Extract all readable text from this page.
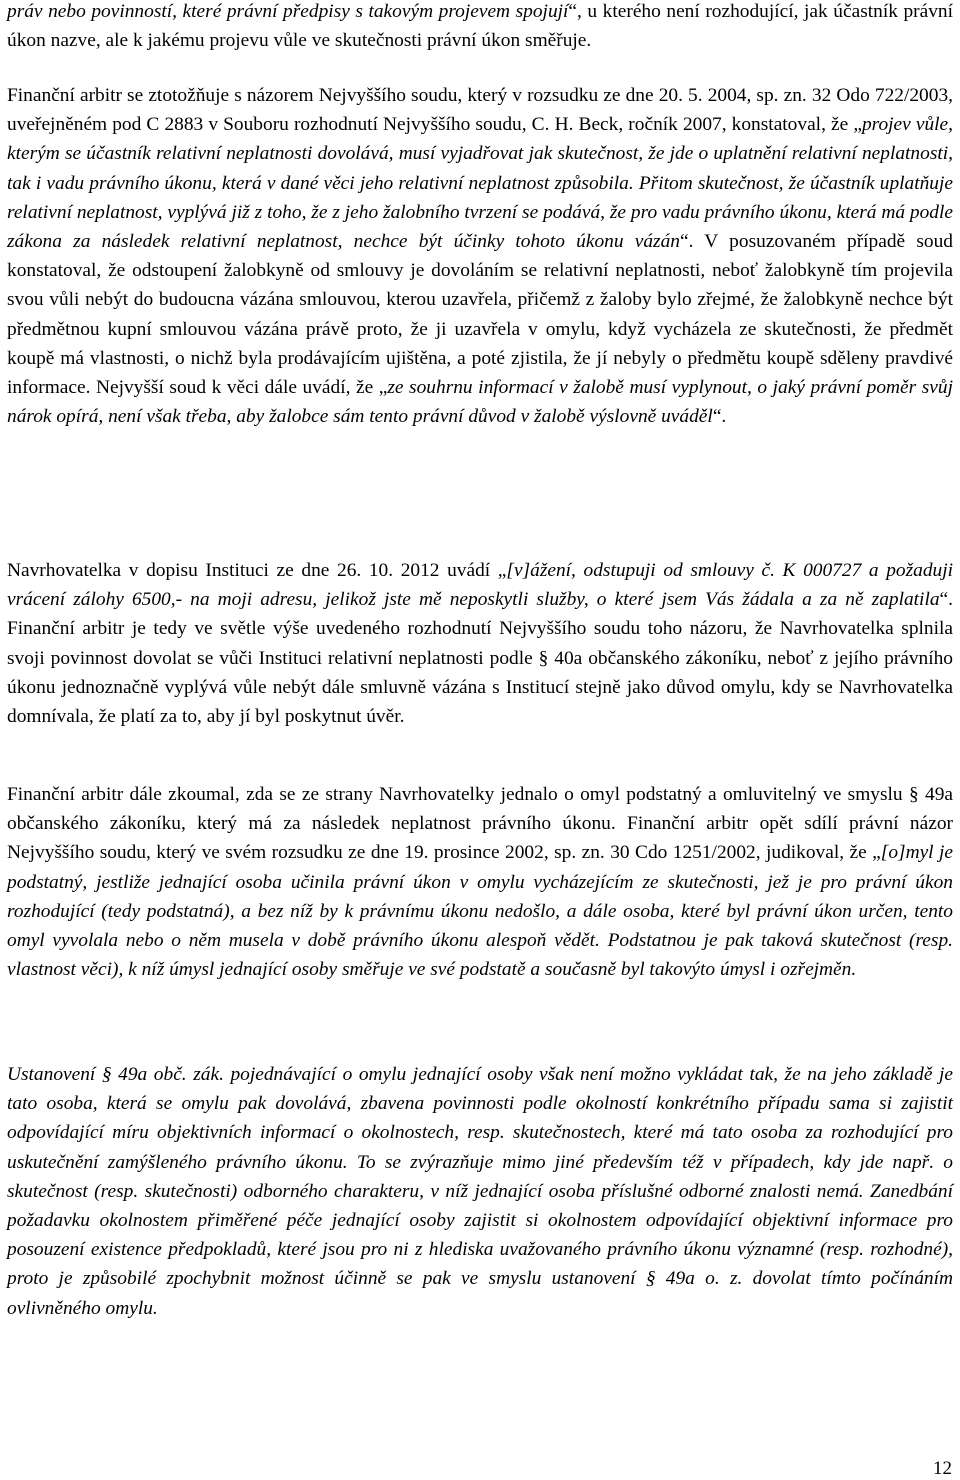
práv nebo povinností, které právní předpisy s takovým projevem spojují“, u kterého není rozhodující, jak účastník právní úkon nazve, ale k jakému projevu vůle ve skutečnosti právní úkon směřuje.

Finanční arbitr se ztotožňuje s názorem Nejvyššího soudu, který v rozsudku ze dne 20. 5. 2004, sp. zn. 32 Odo 722/2003, uveřejněném pod C 2883 v Souboru rozhodnutí Nejvyššího soudu, C. H. Beck, ročník 2007, konstatoval, že „projev vůle, kterým se účastník relativní neplatnosti dovolává, musí vyjadřovat jak skutečnost, že jde o uplatnění relativní neplatnosti, tak i vadu právního úkonu, která v dané věci jeho relativní neplatnost způsobila. Přitom skutečnost, že účastník uplatňuje relativní neplatnost, vyplývá již z toho, že z jeho žalobního tvrzení se podává, že pro vadu právního úkonu, která má podle zákona za následek relativní neplatnost, nechce být účinky tohoto úkonu vázán“. V posuzovaném případě soud konstatoval, že odstoupení žalobkyně od smlouvy je dovoláním se relativní neplatnosti, neboť žalobkyně tím projevila svou vůli nebýt do budoucna vázána smlouvou, kterou uzavřela, přičemž z žaloby bylo zřejmé, že žalobkyně nechce být předmětnou kupní smlouvou vázána právě proto, že ji uzavřela v omylu, když vycházela ze skutečnosti, že předmět koupě má vlastnosti, o nichž byla prodávajícím ujištěna, a poté zjistila, že jí nebyly o předmětu koupě sděleny pravdivé informace. Nejvyšší soud k věci dále uvádí, že „ze souhrnu informací v žalobě musí vyplynout, o jaký právní poměr svůj nárok opírá, není však třeba, aby žalobce sám tento právní důvod v žalobě výslovně uváděl“.

Navrhovatelka v dopisu Instituci ze dne 26. 10. 2012 uvádí „[v]ážení, odstupuji od smlouvy č. K 000727 a požaduji vrácení zálohy 6500,- na moji adresu, jelikož jste mě neposkytli služby, o které jsem Vás žádala a za ně zaplatila“. Finanční arbitr je tedy ve světle výše uvedeného rozhodnutí Nejvyššího soudu toho názoru, že Navrhovatelka splnila svoji povinnost dovolat se vůči Instituci relativní neplatnosti podle § 40a občanského zákoníku, neboť z jejího právního úkonu jednoznačně vyplývá vůle nebýt dále smluvně vázána s Institucí stejně jako důvod omylu, kdy se Navrhovatelka domnívala, že platí za to, aby jí byl poskytnut úvěr.

Finanční arbitr dále zkoumal, zda se ze strany Navrhovatelky jednalo o omyl podstatný a omluvitelný ve smyslu § 49a občanského zákoníku, který má za následek neplatnost právního úkonu. Finanční arbitr opět sdílí právní názor Nejvyššího soudu, který ve svém rozsudku ze dne 19. prosince 2002, sp. zn. 30 Cdo 1251/2002, judikoval, že „[o]myl je podstatný, jestliže jednající osoba učinila právní úkon v omylu vycházejícím ze skutečnosti, jež je pro právní úkon rozhodující (tedy podstatná), a bez níž by k právnímu úkonu nedošlo, a dále osoba, které byl právní úkon určen, tento omyl vyvolala nebo o něm musela v době právního úkonu alespoň vědět. Podstatnou je pak taková skutečnost (resp. vlastnost věci), k níž úmysl jednající osoby směřuje ve své podstatě a současně byl takovýto úmysl i ozřejměn.

Ustanovení § 49a obč. zák. pojednávající o omylu jednající osoby však není možno vykládat tak, že na jeho základě je tato osoba, která se omylu pak dovolává, zbavena povinnosti podle okolností konkrétního případu sama si zajistit odpovídající míru objektivních informací o okolnostech, resp. skutečnostech, které má tato osoba za rozhodující pro uskutečnění zamýšleného právního úkonu. To se zvýrazňuje mimo jiné především též v případech, kdy jde např. o skutečnost (resp. skutečnosti) odborného charakteru, v níž jednající osoba příslušné odborné znalosti nemá. Zanedbání požadavku okolnostem přiměřené péče jednající osoby zajistit si okolnostem odpovídající objektivní informace pro posouzení existence předpokladů, které jsou pro ni z hlediska uvažovaného právního úkonu významné (resp. rozhodné), proto je způsobilé zpochybnit možnost účinně se pak ve smyslu ustanovení § 49a o. z. dovolat tímto počínáním ovlivněného omylu.

12
